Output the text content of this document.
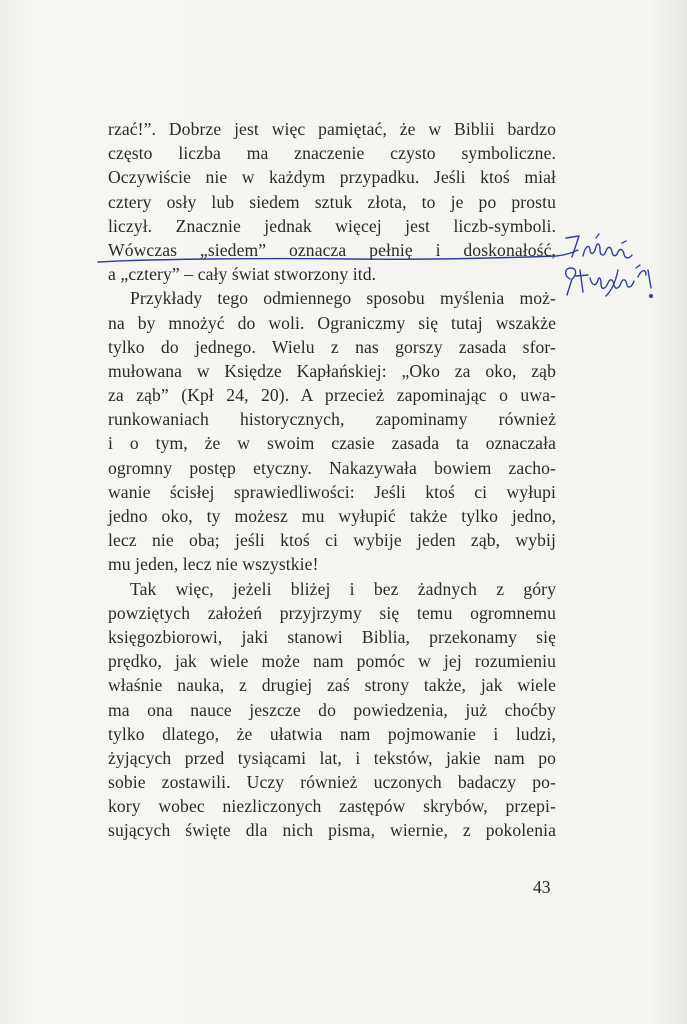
rzać!”. Dobrze jest więc pamiętać, że w Biblii bardzo
często liczba ma znaczenie czysto symboliczne.
Oczywiście nie w każdym przypadku. Jeśli ktoś miał
cztery osły lub siedem sztuk złota, to je po prostu
liczył. Znacznie jednak więcej jest liczb-symboli.
Wówczas „siedem” oznacza pełnię i doskonałość,
a „cztery” – cały świat stworzony itd.
Przykłady tego odmiennego sposobu myślenia moż-
na by mnożyć do woli. Ograniczmy się tutaj wszakże
tylko do jednego. Wielu z nas gorszy zasada sfor-
mułowana w Księdze Kapłańskiej: „Oko za oko, ząb
za ząb” (Kpł 24, 20). A przecież zapominając o uwa-
runkowaniach historycznych, zapominamy również
i o tym, że w swoim czasie zasada ta oznaczała
ogromny postęp etyczny. Nakazywała bowiem zacho-
wanie ścisłej sprawiedliwości: Jeśli ktoś ci wyłupi
jedno oko, ty możesz mu wyłupić także tylko jedno,
lecz nie oba; jeśli ktoś ci wybije jeden ząb, wybij
mu jeden, lecz nie wszystkie!
Tak więc, jeżeli bliżej i bez żadnych z góry
powziętych założeń przyjrzymy się temu ogromnemu
księgozbiorowi, jaki stanowi Biblia, przekonamy się
prędko, jak wiele może nam pomóc w jej rozumieniu
właśnie nauka, z drugiej zaś strony także, jak wiele
ma ona nauce jeszcze do powiedzenia, już choćby
tylko dlatego, że ułatwia nam pojmowanie i ludzi,
żyjących przed tysiącami lat, i tekstów, jakie nam po
sobie zostawili. Uczy również uczonych badaczy po-
kory wobec niezliczonych zastępów skrybów, przepi-
sujących święte dla nich pisma, wiernie, z pokolenia
43
